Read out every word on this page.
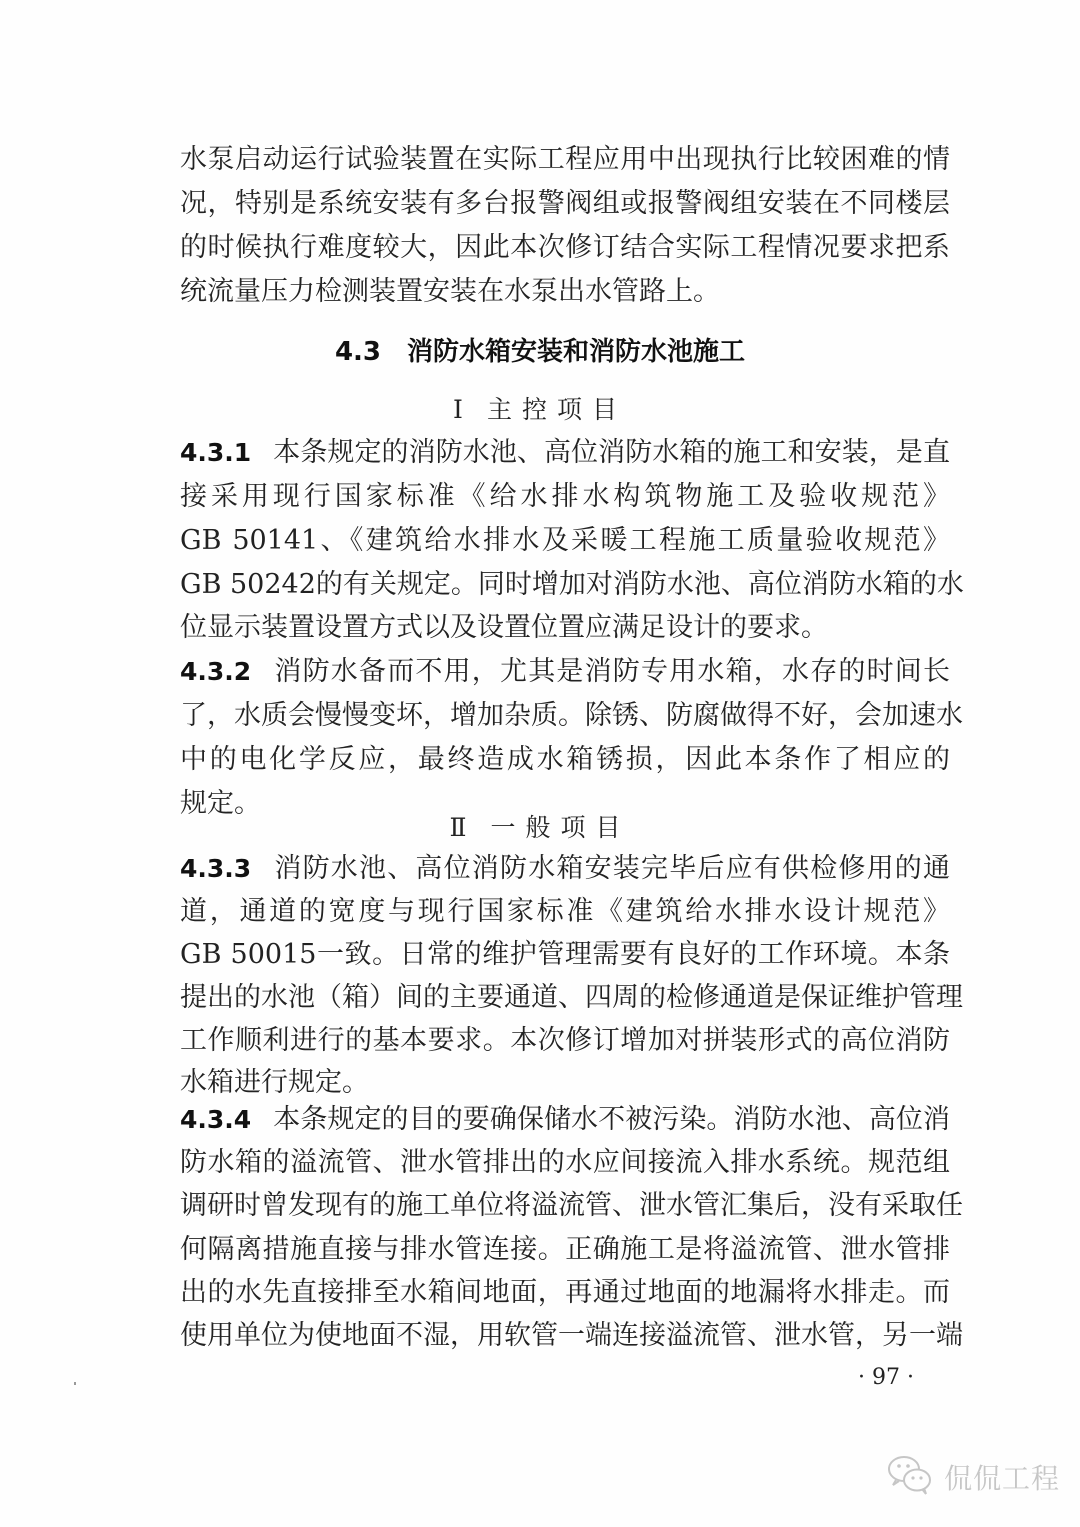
水泵启动运行试验装置在实际工程应用中出现执行比较困难的情
况，特别是系统安装有多台报警阀组或报警阀组安装在不同楼层
的时候执行难度较大，因此本次修订结合实际工程情况要求把系
统流量压力检测装置安装在水泵出水管路上。
4.3 消防水箱安装和消防水池施工
Ⅰ 主控项目
4.3.1 本条规定的消防水池、高位消防水箱的施工和安装，是直
接采用现行国家标准《给水排水构筑物施工及验收规范》
GB 50141、《建筑给水排水及采暖工程施工质量验收规范》
GB 50242的有关规定。同时增加对消防水池、高位消防水箱的水
位显示装置设置方式以及设置位置应满足设计的要求。
4.3.2 消防水备而不用，尤其是消防专用水箱，水存的时间长
了，水质会慢慢变坏，增加杂质。除锈、防腐做得不好，会加速水
中的电化学反应，最终造成水箱锈损，因此本条作了相应的
规定。
Ⅱ 一般项目
4.3.3 消防水池、高位消防水箱安装完毕后应有供检修用的通
道，通道的宽度与现行国家标准《建筑给水排水设计规范》
GB 50015一致。日常的维护管理需要有良好的工作环境。本条
提出的水池（箱）间的主要通道、四周的检修通道是保证维护管理
工作顺利进行的基本要求。本次修订增加对拼装形式的高位消防
水箱进行规定。
4.3.4 本条规定的目的要确保储水不被污染。消防水池、高位消
防水箱的溢流管、泄水管排出的水应间接流入排水系统。规范组
调研时曾发现有的施工单位将溢流管、泄水管汇集后，没有采取任
何隔离措施直接与排水管连接。正确施工是将溢流管、泄水管排
出的水先直接排至水箱间地面，再通过地面的地漏将水排走。而
使用单位为使地面不湿，用软管一端连接溢流管、泄水管，另一端
· 97 ·
侃侃工程
